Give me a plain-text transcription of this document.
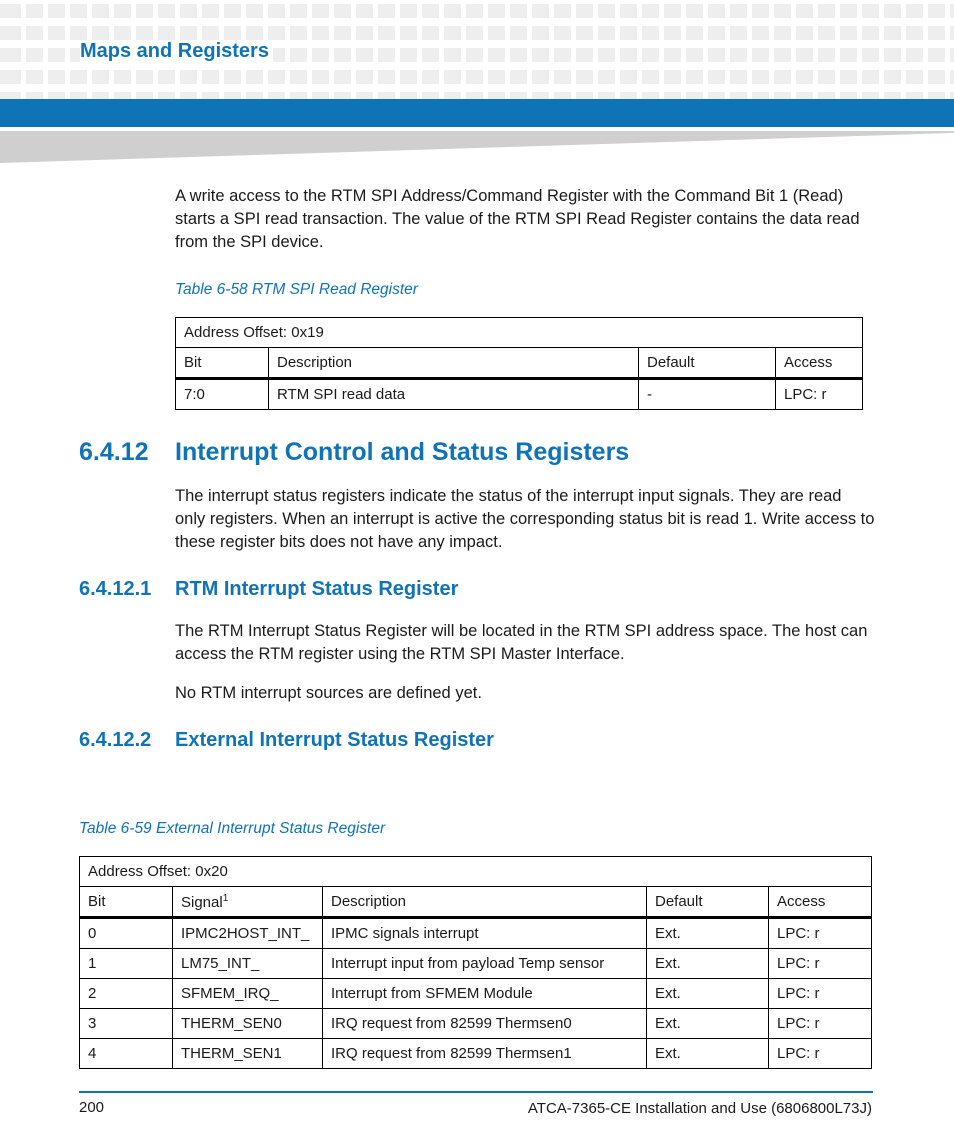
Maps and Registers
A write access to the RTM SPI Address/Command Register with the Command Bit 1 (Read) starts a SPI read transaction. The value of the RTM SPI Read Register contains the data read from the SPI device.
Table 6-58 RTM SPI Read Register
Address Offset: 0x19			
Bit	Description	Default	Access
7:0	RTM SPI read data	-	LPC: r
6.4.12 Interrupt Control and Status Registers
The interrupt status registers indicate the status of the interrupt input signals. They are read only registers. When an interrupt is active the corresponding status bit is read 1. Write access to these register bits does not have any impact.
6.4.12.1 RTM Interrupt Status Register
The RTM Interrupt Status Register will be located in the RTM SPI address space. The host can access the RTM register using the RTM SPI Master Interface.
No RTM interrupt sources are defined yet.
6.4.12.2 External Interrupt Status Register
Table 6-59 External Interrupt Status Register
Address Offset: 0x20				
Bit	Signal$^1$	Description	Default	Access
0	IPMC2HOST_INT_	IPMC signals interrupt	Ext.	LPC: r
1	LM75_INT_	Interrupt input from payload Temp sensor	Ext.	LPC: r
2	SFMEM_IRQ_	Interrupt from SFMEM Module	Ext.	LPC: r
3	THERM_SEN0	IRQ request from 82599 Thermsen0	Ext.	LPC: r
4	THERM_SEN1	IRQ request from 82599 Thermsen1	Ext.	LPC: r
200	ATCA-7365-CE Installation and Use (6806800L73J)
